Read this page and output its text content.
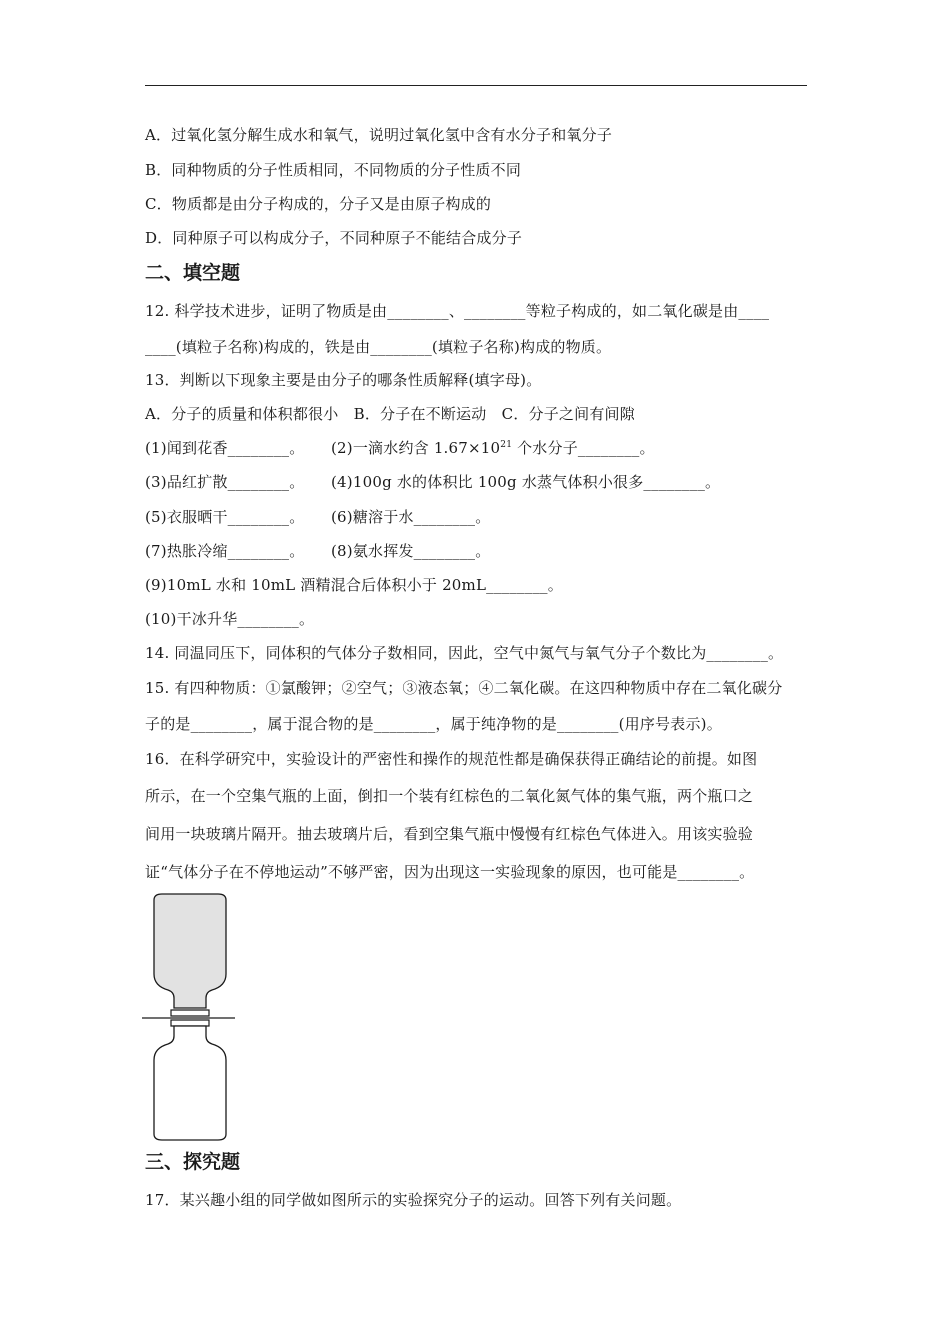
A．过氧化氢分解生成水和氧气，说明过氧化氢中含有水分子和氧分子
B．同种物质的分子性质相同，不同物质的分子性质不同
C．物质都是由分子构成的，分子又是由原子构成的
D．同种原子可以构成分子，不同种原子不能结合成分子
二、填空题
12. 科学技术进步，证明了物质是由________、________等粒子构成的，如二氧化碳是由____
____(填粒子名称)构成的，铁是由________(填粒子名称)构成的物质。
13．判断以下现象主要是由分子的哪条性质解释(填字母)。
A．分子的质量和体积都很小　B．分子在不断运动　C．分子之间有间隙
(1)闻到花香________。 (2)一滴水约含 $1.67\times 10^{21}$ 个水分子________。
(3)品红扩散________。 (4)100g 水的体积比 100g 水蒸气体积小很多________。
(5)衣服晒干________。 (6)糖溶于水________。
(7)热胀冷缩________。 (8)氨水挥发________。
(9)10mL 水和 10mL 酒精混合后体积小于 20mL________。
(10)干冰升华________。
14. 同温同压下，同体积的气体分子数相同，因此，空气中氮气与氧气分子个数比为________。
15. 有四种物质：①氯酸钾；②空气；③液态氧；④二氧化碳。在这四种物质中存在二氧化碳分
子的是________，属于混合物的是________，属于纯净物的是________(用序号表示)。
16．在科学研究中，实验设计的严密性和操作的规范性都是确保获得正确结论的前提。如图
所示，在一个空集气瓶的上面，倒扣一个装有红棕色的二氧化氮气体的集气瓶，两个瓶口之
间用一块玻璃片隔开。抽去玻璃片后，看到空集气瓶中慢慢有红棕色气体进入。用该实验验
证“气体分子在不停地运动”不够严密，因为出现这一实验现象的原因，也可能是________。
三、探究题
17．某兴趣小组的同学做如图所示的实验探究分子的运动。回答下列有关问题。
